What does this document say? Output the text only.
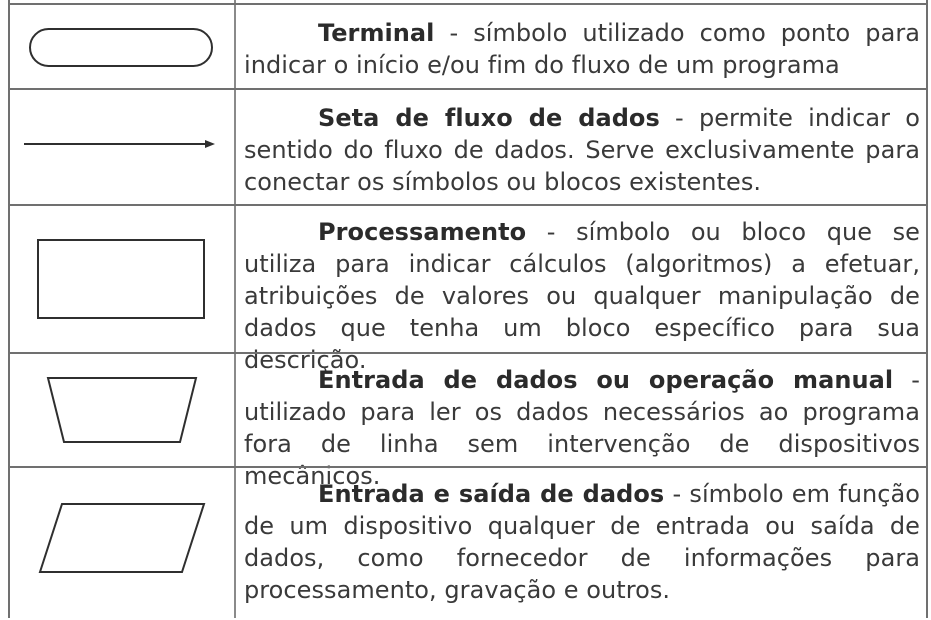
Terminal - símbolo utilizado como ponto para indicar o início e/ou fim do fluxo de um programa

Seta de fluxo de dados - permite indicar o sentido do fluxo de dados. Serve exclusivamente para conectar os símbolos ou blocos existentes.

Processamento - símbolo ou bloco que se utiliza para indicar cálculos (algoritmos) a efetuar, atribuições de valores ou qualquer manipulação de dados que tenha um bloco específico para sua descrição.

Entrada de dados ou operação manual - utilizado para ler os dados necessários ao programa fora de linha sem intervenção de dispositivos mecânicos.

Entrada e saída de dados - símbolo em função de um dispositivo qualquer de entrada ou saída de dados, como fornecedor de informações para processamento, gravação e outros.
